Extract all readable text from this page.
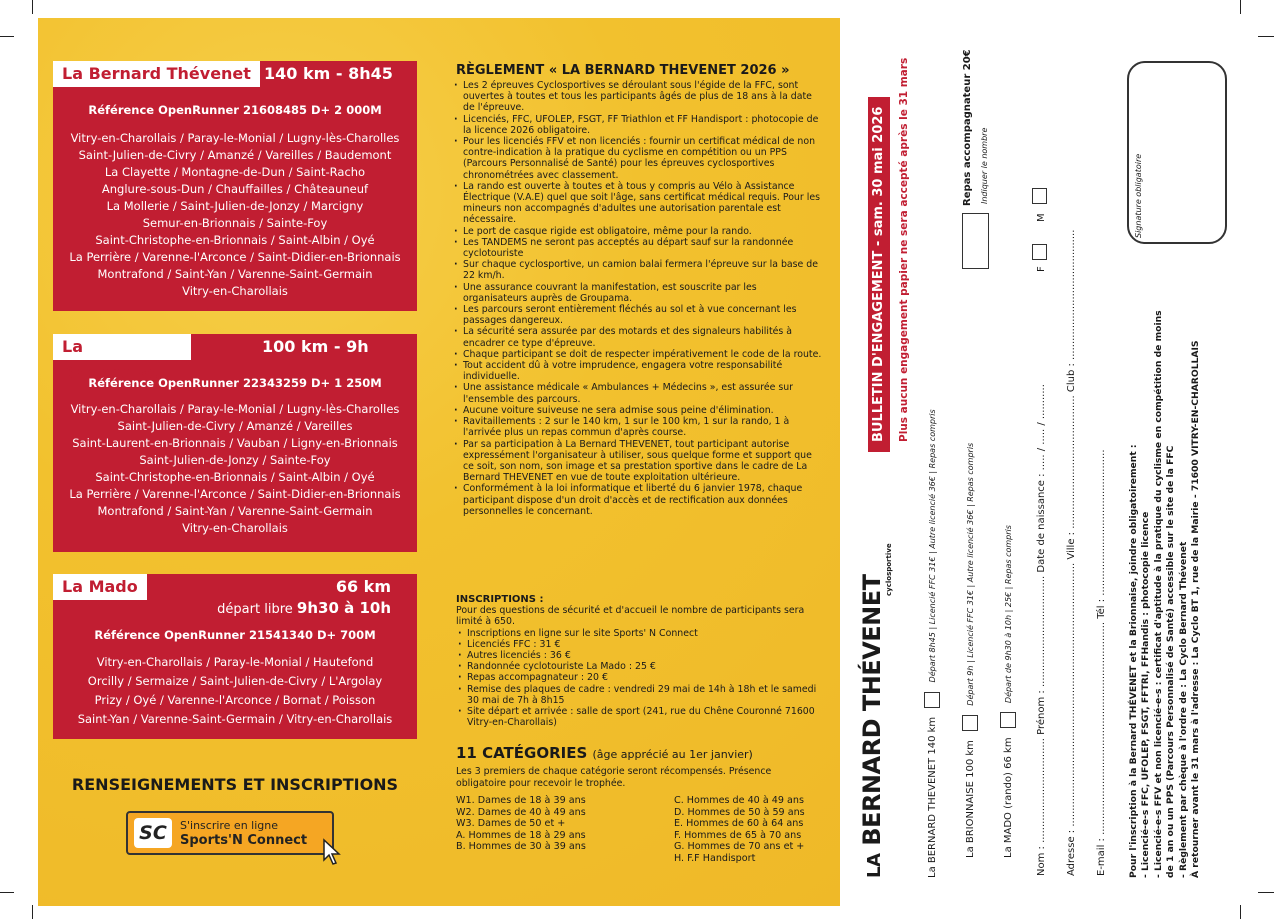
La Bernard Thévenet 140 km - 8h45
Référence OpenRunner 21608485 D+ 2 000M
Vitry-en-Charollais / Paray-le-Monial / Lugny-lès-Charolles
Saint-Julien-de-Civry / Amanzé / Vareilles / Baudemont
La Clayette / Montagne-de-Dun / Saint-Racho
Anglure-sous-Dun / Chauffailles / Châteauneuf
La Mollerie / Saint-Julien-de-Jonzy / Marcigny
Semur-en-Brionnais / Sainte-Foy
Saint-Christophe-en-Brionnais / Saint-Albin / Oyé
La Perrière / Varenne-l'Arconce / Saint-Didier-en-Brionnais
Montrafond / Saint-Yan / Varenne-Saint-Germain
Vitry-en-Charollais
La Brionnaise
100 km - 9h
Référence OpenRunner 22343259 D+ 1 250M
Vitry-en-Charollais / Paray-le-Monial / Lugny-lès-Charolles
Saint-Julien-de-Civry / Amanzé / Vareilles
Saint-Laurent-en-Brionnais / Vauban / Ligny-en-Brionnais
Saint-Julien-de-Jonzy / Sainte-Foy
Saint-Christophe-en-Brionnais / Saint-Albin / Oyé
La Perrière / Varenne-l'Arconce / Saint-Didier-en-Brionnais
Montrafond / Saint-Yan / Varenne-Saint-Germain
Vitry-en-Charollais
La Mado	66 km
départ libre 9h30 à 10h
Référence OpenRunner 21541340 D+ 700M
Vitry-en-Charollais / Paray-le-Monial / Hautefond
Orcilly / Sermaize / Saint-Julien-de-Civry / L'Argolay
Prizy / Oyé / Varenne-l'Arconce / Bornat / Poisson
Saint-Yan / Varenne-Saint-Germain / Vitry-en-Charollais
RENSEIGNEMENTS ET INSCRIPTIONS
SC	S'inscrire en ligne
Sports'N Connect
RÈGLEMENT « LA BERNARD THEVENET 2026 »
· Les 2 épreuves Cyclosportives se déroulant sous l'égide de la FFC, sont ouvertes à toutes et tous les participants âgés de plus de 18 ans à la date de l'épreuve.
· Licenciés, FFC, UFOLEP, FSGT, FF Triathlon et FF Handisport : photocopie de la licence 2026 obligatoire.
· Pour les licenciés FFV et non licenciés : fournir un certificat médical de non contre-indication à la pratique du cyclisme en compétition ou un PPS (Parcours Personnalisé de Santé) pour les épreuves cyclosportives chronométrées avec classement.
· La rando est ouverte à toutes et à tous y compris au Vélo à Assistance Électrique (V.A.E) quel que soit l'âge, sans certificat médical requis. Pour les mineurs non accompagnés d'adultes une autorisation parentale est nécessaire.
· Le port de casque rigide est obligatoire, même pour la rando.
· Les TANDEMS ne seront pas acceptés au départ sauf sur la randonnée cyclotouriste
· Sur chaque cyclosportive, un camion balai fermera l'épreuve sur la base de 22 km/h.
· Une assurance couvrant la manifestation, est souscrite par les organisateurs auprès de Groupama.
· Les parcours seront entièrement fléchés au sol et à vue concernant les passages dangereux.
· La sécurité sera assurée par des motards et des signaleurs habilités à encadrer ce type d'épreuve.
· Chaque participant se doit de respecter impérativement le code de la route.
· Tout accident dû à votre imprudence, engagera votre responsabilité individuelle.
· Une assistance médicale « Ambulances + Médecins », est assurée sur l'ensemble des parcours.
· Aucune voiture suiveuse ne sera admise sous peine d'élimination.
· Ravitaillements : 2 sur le 140 km, 1 sur le 100 km, 1 sur la rando, 1 à l'arrivée plus un repas commun d'après course.
· Par sa participation à La Bernard THEVENET, tout participant autorise expressément l'organisateur à utiliser, sous quelque forme et support que ce soit, son nom, son image et sa prestation sportive dans le cadre de La Bernard THEVENET en vue de toute exploitation ultérieure.
· Conformément à la loi informatique et liberté du 6 janvier 1978, chaque participant dispose d'un droit d'accès et de rectification aux données personnelles le concernant.
INSCRIPTIONS :
Pour des questions de sécurité et d'accueil le nombre de participants sera limité à 650.
· Inscriptions en ligne sur le site Sports' N Connect
· Licenciés FFC : 31 €
· Autres licenciés : 36 €
· Randonnée cyclotouriste La Mado : 25 €
· Repas accompagnateur : 20 €
· Remise des plaques de cadre : vendredi 29 mai de 14h à 18h et le samedi 30 mai de 7h à 8h15
· Site départ et arrivée : salle de sport (241, rue du Chêne Couronné 71600 Vitry-en-Charollais)
11 CATÉGORIES (âge apprécié au 1er janvier)
Les 3 premiers de chaque catégorie seront récompensés. Présence obligatoire pour recevoir le trophée.
W1. Dames de 18 à 39 ans
W2. Dames de 40 à 49 ans
W3. Dames de 50 et +
A. Hommes de 18 à 29 ans
B. Hommes de 30 à 39 ans
C. Hommes de 40 à 49 ans
D. Hommes de 50 à 59 ans
E. Hommes de 60 à 64 ans
F. Hommes de 65 à 70 ans
G. Hommes de 70 ans et +
H. F.F Handisport	LA BERNARD THÉVENET
cyclosportive
BULLETIN D'ENGAGEMENT - sam. 30 mai 2026	Plus aucun engagement papier ne sera accepté après le 31 mars
La BERNARD THEVENET 140 km  Départ 8h45 | Licencié FFC 31€ | Autre licencié 36€ | Repas compris
La BRIONNAISE 100 km  Départ 9h | Licencié FFC 31€ | Autre licencié 36€ | Repas compris
La MADO (rando) 66 km  Départ de 9h30 à 10h | 25€ | Repas compris
Repas accompagnateur 20€ Indiquer le nombre
Nom : ................................. Prénom : ................................... Date de naissance : ..... / ..... / ...........
F
M
Adresse : ................................................................................... Ville : .......................................... Club : ......................................... E-mail : ................................................................... Tél : ..............................................
Signature obligatoire
Pour l'inscription à la Bernard THÉVENET et la Brionnaise, joindre obligatoirement : - Licencié-e-s FFC, UFOLEP, FSGT, FFTRI, FFHandis : photocopie licence - Licencié-e-s FFV et non licencié-e-s : certificat d'aptitude à la pratique du cyclisme en compétition de moins de 1 an ou un PPS (Parcours Personnalisé de Santé) accessible sur le site de la FFC - Règlement par chèque à l'ordre de : La Cyclo Bernard Thévenet À retourner avant le 31 mars à l'adresse : La Cyclo BT 1, rue de la Mairie - 71600 VITRY-EN-CHAROLLAIS
